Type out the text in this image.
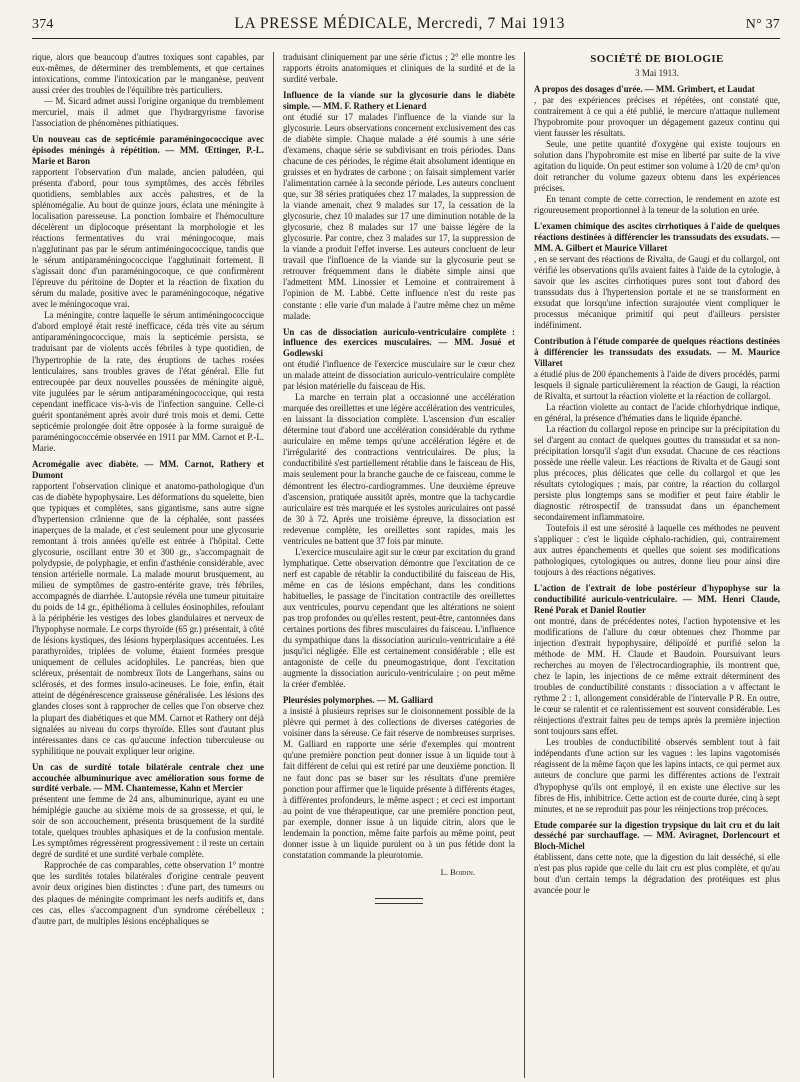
374	LA PRESSE MÉDICALE, Mercredi, 7 Mai 1913	N° 37

rique, alors que beaucoup d'autres toxiques sont capables, par eux-mêmes, de déterminer des tremblements, et que certaines intoxications, comme l'intoxication par le manganèse, peuvent aussi créer des troubles de l'équilibre très particuliers.

— M. Sicard admet aussi l'origine organique du tremblement mercuriel, mais il admet que l'hydrargyrisme favorise l'association de phénomènes pithiatiques.

Un nouveau cas de septicémie paraméningococcique avec épisodes méningés à répétition. — MM. Œttinger, P.-L. Marie et Baron

rapportent l'observation d'un malade, ancien paludéen, qui présenta d'abord, pour tous symptômes, des accès fébriles quotidiens, semblables aux accès palustres, et de la splénomégalie. Au bout de quinze jours, éclata une méningite à localisation paresseuse. La ponction lombaire et l'hémoculture décelèrent un diplocoque présentant la morphologie et les réactions fermentatives du vrai méningocoque, mais n'agglutinant pas par le sérum antiméningococcique, tandis que le sérum antiparaméningococcique l'agglutinait fortement. Il s'agissait donc d'un paraméningocoque, ce que confirmèrent l'épreuve du péritoine de Dopter et la réaction de fixation du sérum du malade, positive avec le paraméningocoque, négative avec le méningocoque vrai.

La méningite, contre laquelle le sérum antiméningococcique d'abord employé était resté inefficace, céda très vite au sérum antiparaméningococcique, mais la septicémie persista, se traduisant par de violents accès fébriles à type quotidien, de l'hypertrophie de la rate, des éruptions de taches rosées lenticulaires, sans troubles graves de l'état général. Elle fut entrecoupée par deux nouvelles poussées de méningite aiguë, vite jugulées par le sérum antiparaméningococcique, qui resta cependant inefficace vis-à-vis de l'infection sanguine. Celle-ci guérit spontanément après avoir duré trois mois et demi. Cette septicémie prolongée doit être opposée à la forme suraiguë de paraméningococcémie observée en 1911 par MM. Carnot et P.-L. Marie.

Acromégalie avec diabète. — MM. Carnot, Rathery et Dumont

rapportent l'observation clinique et anatomo-pathologique d'un cas de diabète hypophysaire. Les déformations du squelette, bien que typiques et complètes, sans gigantisme, sans autre signe d'hypertension crânienne que de la céphalée, sont passées inaperçues de la malade, et c'est seulement pour une glycosurie remontant à trois années qu'elle est entrée à l'hôpital. Cette glycosurie, oscillant entre 30 et 300 gr., s'accompagnait de polydypsie, de polyphagie, et enfin d'asthénie considérable, avec tension artérielle normale. La malade mourut brusquement, au milieu de symptômes de gastro-entérite grave, très fébriles, accompagnés de diarrhée. L'autopsie révéla une tumeur pituitaire du poids de 14 gr., épithélioma à cellules éosinophiles, refoulant à la périphérie les vestiges des lobes glandulaires et nerveux de l'hypophyse normale. Le corps thyroïde (65 gr.) présentait, à côté de lésions kystiques, des lésions hyperplasiques accentuées. Les parathyroïdes, triplées de volume, étaient formées presque uniquement de cellules acidophiles. Le pancréas, bien que scléreux, présentait de nombreux îlots de Langerhans, sains ou sclérosés, et des formes insulo-acineuses. Le foie, enfin, était atteint de dégénérescence graisseuse généralisée. Les lésions des glandes closes sont à rapprocher de celles que l'on observe chez la plupart des diabétiques et que MM. Carnot et Rathery ont déjà signalées au niveau du corps thyroïde. Elles sont d'autant plus intéressantes dans ce cas qu'aucune infection tuberculeuse ou syphilitique ne pouvait expliquer leur origine.

Un cas de surdité totale bilatérale centrale chez une accouchée albuminurique avec amélioration sous forme de surdité verbale. — MM. Chantemesse, Kahn et Mercier

présentent une femme de 24 ans, albuminurique, ayant eu une hémiplégie gauche au sixième mois de sa grossesse, et qui, le soir de son accouchement, présenta brusquement de la surdité totale, quelques troubles aphasiques et de la confusion mentale. Les symptômes régressèrent progressivement : il reste un certain degré de surdité et une surdité verbale complète.

Rapprochée de cas comparables, cette observation 1° montre que les surdités totales bilatérales d'origine centrale peuvent avoir deux origines bien distinctes : d'une part, des tumeurs ou des plaques de méningite comprimant les nerfs auditifs et, dans ces cas, elles s'accompagnent d'un syndrome cérébelleux ; d'autre part, de multiples lésions encéphaliques se

traduisant cliniquement par une série d'ictus ; 2° elle montre les rapports étroits anatomiques et cliniques de la surdité et de la surdité verbale.

Influence de la viande sur la glycosurie dans le diabète simple. — MM. F. Rathery et Lienard

ont étudié sur 17 malades l'influence de la viande sur la glycosurie. Leurs observations concernent exclusivement des cas de diabète simple. Chaque malade a été soumis à une série d'examens, chaque série se subdivisant en trois périodes. Dans chacune de ces périodes, le régime était absolument identique en graisses et en hydrates de carbone ; on faisait simplement varier l'alimentation carnée à la seconde période. Les auteurs concluent que, sur 38 séries pratiquées chez 17 malades, la suppression de la viande amenait, chez 9 malades sur 17, la cessation de la glycosurie, chez 10 malades sur 17 une diminution notable de la glycosurie, chez 8 malades sur 17 une baisse légère de la glycosurie. Par contre, chez 3 malades sur 17, la suppression de la viande a produit l'effet inverse. Les auteurs concluent de leur travail que l'influence de la viande sur la glycosurie peut se retrouver fréquemment dans le diabète simple ainsi que l'admettent MM. Linossier et Lemoine et contrairement à l'opinion de M. Labbé. Cette influence n'est du reste pas constante : elle varie d'un malade à l'autre même chez un même malade.

Un cas de dissociation auriculo-ventriculaire complète : influence des exercices musculaires. — MM. Josué et Godlewski

ont étudié l'influence de l'exercice musculaire sur le cœur chez un malade atteint de dissociation auriculo-ventriculaire complète par lésion matérielle du faisceau de His.

La marche en terrain plat a occasionné une accélération marquée des oreillettes et une légère accélération des ventricules, en laissant la dissociation complète. L'ascension d'un escalier détermine tout d'abord une accélération considérable du rythme auriculaire en même temps qu'une accélération légère et de l'irrégularité des contractions ventriculaires. De plus, la conductibilité s'est partiellement rétablie dans le faisceau de His, mais seulement pour la branche gauche de ce faisceau, comme le démontrent les électro-cardiogrammes. Une deuxième épreuve d'ascension, pratiquée aussitôt après, montre que la tachycardie auriculaire est très marquée et les systoles auriculaires ont passé de 30 à 72. Après une troisième épreuve, la dissociation est redevenue complète, les oreillettes sont rapides, mais les ventricules ne battent que 37 fois par minute.

L'exercice musculaire agit sur le cœur par excitation du grand lymphatique. Cette observation démontre que l'excitation de ce nerf est capable de rétablir la conductibilité du faisceau de His, même en cas de lésions empêchant, dans les conditions habituelles, le passage de l'incitation contractile des oreillettes aux ventricules, pourvu cependant que les altérations ne soient pas trop profondes ou qu'elles restent, peut-être, cantonnées dans certaines portions des fibres musculaires du faisceau. L'influence du sympathique dans la dissociation auriculo-ventriculaire a été jusqu'ici négligée. Elle est certainement considérable ; elle est antagoniste de celle du pneumogastrique, dont l'excitation augmente la dissociation auriculo-ventriculaire ; on peut même la créer d'emblée.

Pleurésies polymorphes. — M. Galliard

a insisté à plusieurs reprises sur le cloisonnement possible de la plèvre qui permet à des collections de diverses catégories de voisiner dans la séreuse. Ce fait réserve de nombreuses surprises. M. Galliard en rapporte une série d'exemples qui montrent qu'une première ponction peut donner issue à un liquide tout à fait différent de celui qui est retiré par une deuxième ponction. Il ne faut donc pas se baser sur les résultats d'une première ponction pour affirmer que le liquide présente à différents étages, à différentes profondeurs, le même aspect ; et ceci est important au point de vue thérapeutique, car une première ponction peut, par exemple, donner issue à un liquide citrin, alors que le lendemain la ponction, même faite parfois au même point, peut donner issue à un liquide purulent ou à un pus fétide dont la constatation commande la pleurotomie.

L. Boidin.
SOCIÉTÉ DE BIOLOGIE
3 Mai 1913.

A propos des dosages d'urée. — MM. Grimbert, et Laudat

, par des expériences précises et répétées, ont constaté que, contrairement à ce qui a été publié, le mercure n'attaque nullement l'hypobromite pour provoquer un dégagement gazeux continu qui vient fausser les résultats.

Seule, une petite quantité d'oxygène qui existe toujours en solution dans l'hypobromite est mise en liberté par suite de la vive agitation du liquide. On peut estimer son volume à 1/20 de cm³ qu'on doit retrancher du volume gazeux obtenu dans les expériences précises.

En tenant compte de cette correction, le rendement en azote est rigoureusement proportionnel à la teneur de la solution en urée.

L'examen chimique des ascites cirrhotiques à l'aide de quelques réactions destinées à différencier les transsudats des exsudats. — MM. A. Gilbert et Maurice Villaret

, en se servant des réactions de Rivalta, de Gaugi et du collargol, ont vérifié les observations qu'ils avaient faites à l'aide de la cytologie, à savoir que les ascites cirrhotiques pures sont tout d'abord des transsudats dus à l'hypertension portale et ne se transforment en exsudat que lorsqu'une infection surajoutée vient compliquer le processus mécanique primitif qui peut d'ailleurs persister indéfiniment.

Contribution à l'étude comparée de quelques réactions destinées à différencier les transsudats des exsudats. — M. Maurice Villaret

a étudié plus de 200 épanchements à l'aide de divers procédés, parmi lesquels il signale particulièrement la réaction de Gaugi, la réaction de Rivalta, et surtout la réaction violette et la réaction de collargol.

La réaction violette au contact de l'acide chlorhydrique indique, en général, la présence d'hématies dans le liquide épanché.

La réaction du collargol repose en principe sur la précipitation du sel d'argent au contact de quelques gouttes du transsudat et sa non-précipitation lorsqu'il s'agit d'un exsudat. Chacune de ces réactions possède une réelle valeur. Les réactions de Rivalta et de Gaugi sont plus précoces, plus délicates que celle du collargol et que les résultats cytologiques ; mais, par contre, la réaction du collargol persiste plus longtemps sans se modifier et peut faire établir le diagnostic rétrospectif de transsudat dans un épanchement secondairement inflammatoire.

Toutefois il est une sérosité à laquelle ces méthodes ne peuvent s'appliquer : c'est le liquide céphalo-rachidien, qui, contrairement aux autres épanchements et quelles que soient ses modifications pathologiques, cytologiques ou autres, donne lieu pour ainsi dire toujours à des réactions négatives.

L'action de l'extrait de lobe postérieur d'hypophyse sur la conductibilité auriculo-ventriculaire. — MM. Henri Claude, René Porak et Daniel Routier

ont montré, dans de précédentes notes, l'action hypotensive et les modifications de l'allure du cœur obtenues chez l'homme par injection d'extrait hypophysaire, délipoïdé et purifié selon la méthode de MM. H. Claude et Baudoin. Poursuivant leurs recherches au moyen de l'électrocardiographie, ils montrent que, chez le lapin, les injections de ce même extrait déterminent des troubles de conductibilité constants : dissociation a v affectant le rythme 2 : 1, allongement considérable de l'intervalle P R. En outre, le cœur se ralentit et ce ralentissement est souvent considérable. Les réinjections d'extrait faites peu de temps après la première injection sont toujours sans effet.

Les troubles de conductibilité observés semblent tout à fait indépendants d'une action sur les vagues : les lapins vagotomisés réagissent de la même façon que les lapins intacts, ce qui permet aux auteurs de conclure que parmi les différentes actions de l'extrait d'hypophyse qu'ils ont employé, il en existe une élective sur les fibres de His, inhibitrice. Cette action est de courte durée, cinq à sept minutes, et ne se reproduit pas pour les réinjections trop précoces.

Etude comparée sur la digestion trypsique du lait cru et du lait desséché par surchauffage. — MM. Aviragnet, Dorlencourt et Bloch-Michel

établissent, dans cette note, que la digestion du lait desséché, si elle n'est pas plus rapide que celle du lait cru est plus complète, et qu'au bout d'un certain temps la dégradation des protéiques est plus avancée pour le
